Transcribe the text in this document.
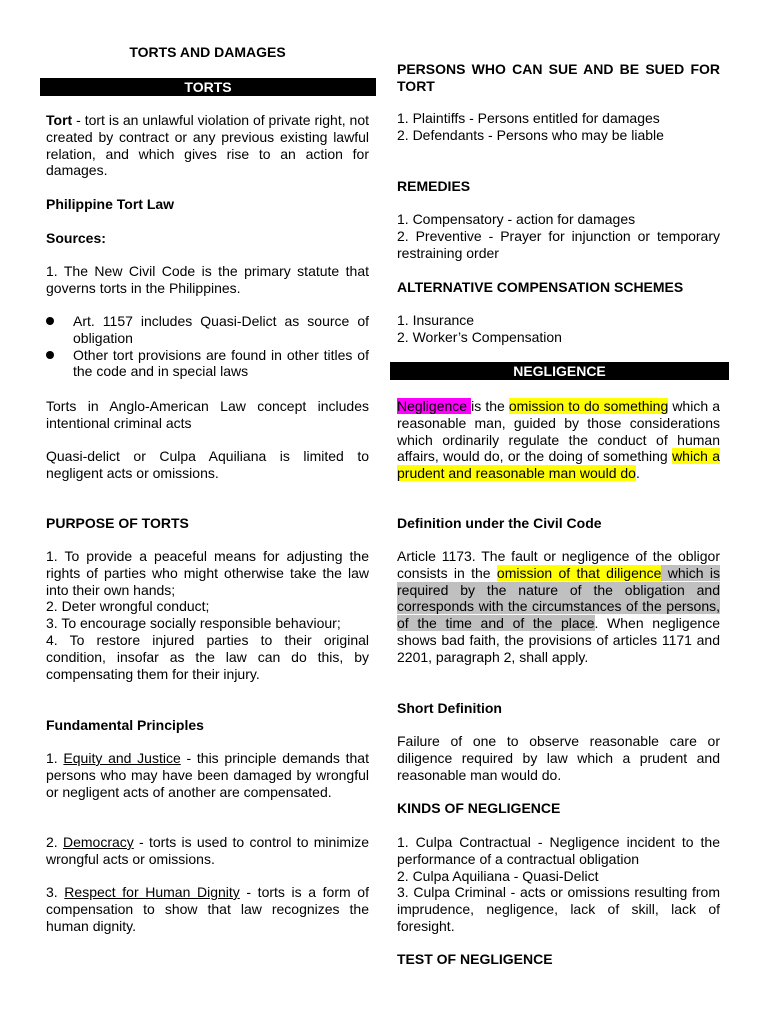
TORTS AND DAMAGES

TORTS

Tort - tort is an unlawful violation of private right, not created by contract or any previous existing lawful relation, and which gives rise to an action for damages.

Philippine Tort Law

Sources:

1. The New Civil Code is the primary statute that governs torts in the Philippines.

Art. 1157 includes Quasi-Delict as source of obligation
Other tort provisions are found in other titles of the code and in special laws

Torts in Anglo-American Law concept includes intentional criminal acts

Quasi-delict or Culpa Aquiliana is limited to negligent acts or omissions.

PURPOSE OF TORTS

1. To provide a peaceful means for adjusting the rights of parties who might otherwise take the law into their own hands;

2. Deter wrongful conduct;

3. To encourage socially responsible behaviour;

4. To restore injured parties to their original condition, insofar as the law can do this, by compensating them for their injury.

Fundamental Principles

1. Equity and Justice - this principle demands that persons who may have been damaged by wrongful or negligent acts of another are compensated.

2. Democracy - torts is used to control to minimize wrongful acts or omissions.

3. Respect for Human Dignity - torts is a form of compensation to show that law recognizes the human dignity.

PERSONS WHO CAN SUE AND BE SUED FOR TORT

1. Plaintiffs - Persons entitled for damages

2. Defendants - Persons who may be liable

REMEDIES

1. Compensatory - action for damages

2. Preventive - Prayer for injunction or temporary restraining order

ALTERNATIVE COMPENSATION SCHEMES

1. Insurance

2. Worker’s Compensation

NEGLIGENCE

Negligence is the omission to do something which a reasonable man, guided by those considerations which ordinarily regulate the conduct of human affairs, would do, or the doing of something which a prudent and reasonable man would do.

Definition under the Civil Code

Article 1173. The fault or negligence of the obligor consists in the omission of that diligence which is required by the nature of the obligation and corresponds with the circumstances of the persons, of the time and of the place. When negligence shows bad faith, the provisions of articles 1171 and 2201, paragraph 2, shall apply.

Short Definition

Failure of one to observe reasonable care or diligence required by law which a prudent and reasonable man would do.

KINDS OF NEGLIGENCE

1. Culpa Contractual - Negligence incident to the performance of a contractual obligation

2. Culpa Aquiliana - Quasi-Delict

3. Culpa Criminal - acts or omissions resulting from imprudence, negligence, lack of skill, lack of foresight.

TEST OF NEGLIGENCE
